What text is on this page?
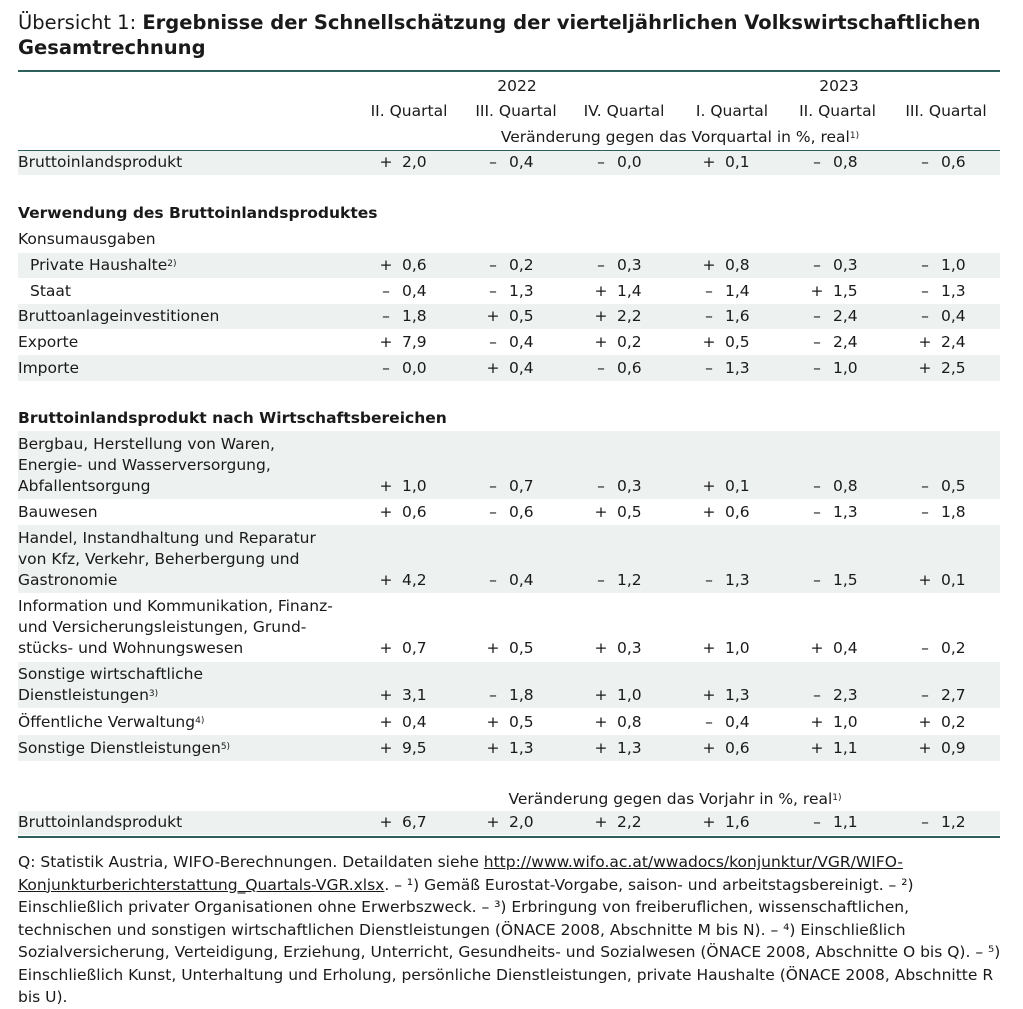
Übersicht 1: Ergebnisse der Schnellschätzung der vierteljährlichen Volkswirtschaftlichen Gesamtrechnung
2022	2023
II. Quartal	III. Quartal	IV. Quartal	I. Quartal	II. Quartal	III. Quartal
Veränderung gegen das Vorquartal in %, real$^{1)}$
Veränderung gegen das Vorjahr in %, real$^{1)}$
Bruttoinlandsprodukt	+ 2,0	– 0,4	– 0,0	+ 0,1	– 0,8	– 0,6
Verwendung des Bruttoinlandsproduktes
Konsumausgaben
Private Haushalte$^{2)}$	+ 0,6	– 0,2	– 0,3	+ 0,8	– 0,3	– 1,0
Staat	– 0,4	– 1,3	+ 1,4	– 1,4	+ 1,5	– 1,3
Bruttoanlageinvestitionen	– 1,8	+ 0,5	+ 2,2	– 1,6	– 2,4	– 0,4
Exporte	+ 7,9	– 0,4	+ 0,2	+ 0,5	– 2,4	+ 2,4
Importe	– 0,0	+ 0,4	– 0,6	– 1,3	– 1,0	+ 2,5
Bruttoinlandsprodukt nach Wirtschaftsbereichen
Bergbau, Herstellung von Waren,
Energie- und Wasserversorgung,
Abfallentsorgung	+ 1,0	– 0,7	– 0,3	+ 0,1	– 0,8	– 0,5
Bauwesen	+ 0,6	– 0,6	+ 0,5	+ 0,6	– 1,3	– 1,8
Handel, Instandhaltung und Reparatur
von Kfz, Verkehr, Beherbergung und
Gastronomie	+ 4,2	– 0,4	– 1,2	– 1,3	– 1,5	+ 0,1
Information und Kommunikation, Finanz-
und Versicherungsleistungen, Grund-
stücks- und Wohnungswesen	+ 0,7	+ 0,5	+ 0,3	+ 1,0	+ 0,4	– 0,2
Sonstige wirtschaftliche
Dienstleistungen$^{3)}$	+ 3,1	– 1,8	+ 1,0	+ 1,3	– 2,3	– 2,7
Öffentliche Verwaltung$^{4)}$	+ 0,4	+ 0,5	+ 0,8	– 0,4	+ 1,0	+ 0,2
Sonstige Dienstleistungen$^{5)}$	+ 9,5	+ 1,3	+ 1,3	+ 0,6	+ 1,1	+ 0,9
Bruttoinlandsprodukt	+ 6,7	+ 2,0	+ 2,2	+ 1,6	– 1,1	– 1,2
Q: Statistik Austria, WIFO-Berechnungen. Detaildaten siehe http://www.wifo.ac.at/wwadocs/konjunktur/VGR/WIFO-Konjunkturberichterstattung_Quartals-VGR.xlsx. – ¹) Gemäß Eurostat-Vorgabe, saison- und arbeitstagsbereinigt. – ²) Einschließlich privater Organisationen ohne Erwerbszweck. – ³) Erbringung von freiberuflichen, wissenschaftlichen, technischen und sonstigen wirtschaftlichen Dienstleistungen (ÖNACE 2008, Abschnitte M bis N). – ⁴) Einschließlich Sozialversicherung, Verteidigung, Erziehung, Unterricht, Gesundheits- und Sozialwesen (ÖNACE 2008, Abschnitte O bis Q). – ⁵) Einschließlich Kunst, Unterhaltung und Erholung, persönliche Dienstleistungen, private Haushalte (ÖNACE 2008, Abschnitte R bis U).
